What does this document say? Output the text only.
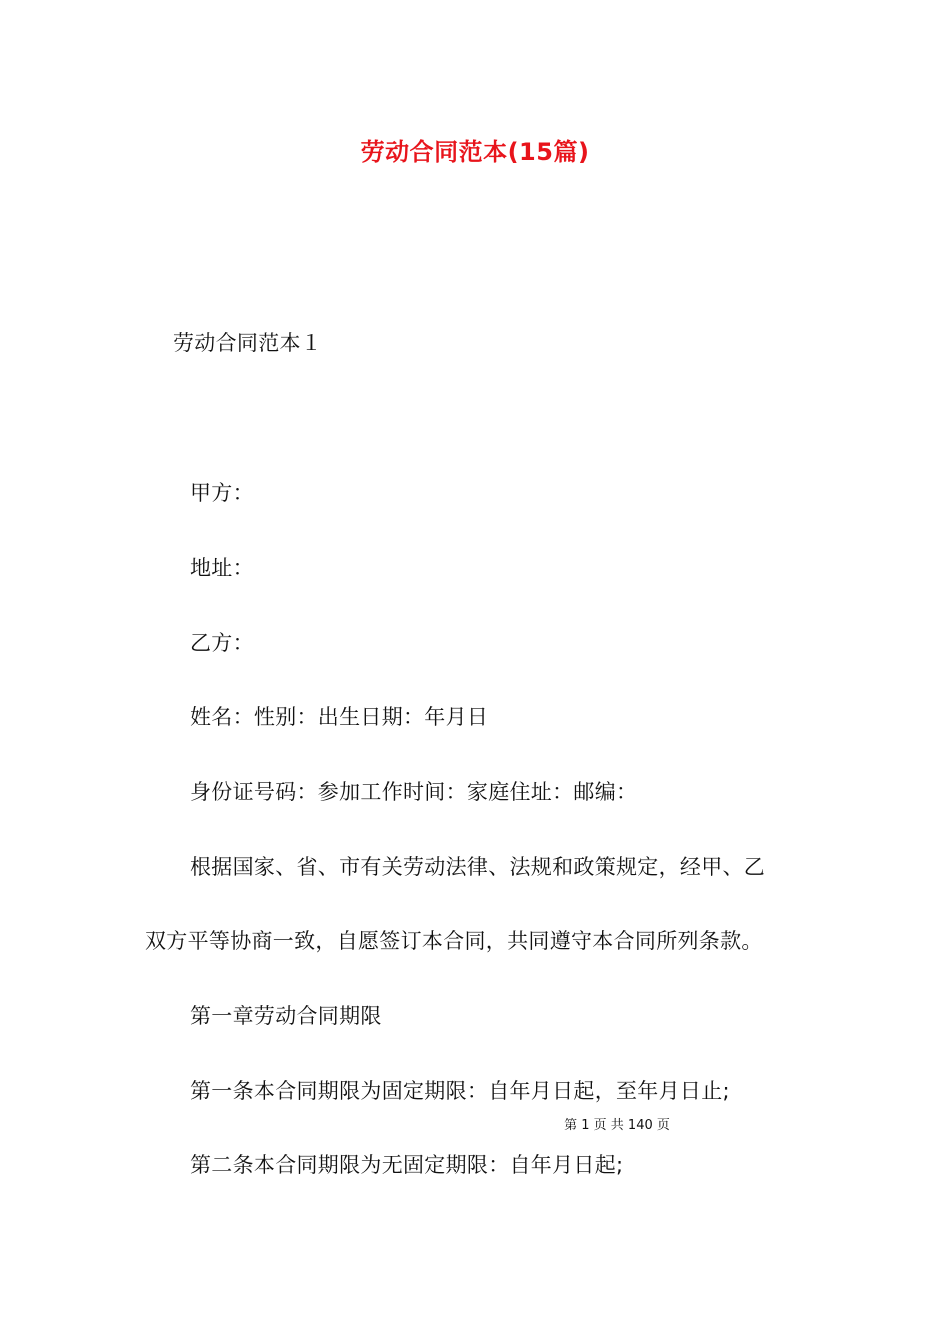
劳动合同范本(15篇)
劳动合同范本１
甲方：
地址：
乙方：
姓名：性别：出生日期：年月日
身份证号码：参加工作时间：家庭住址：邮编：
根据国家、省、市有关劳动法律、法规和政策规定，经甲、乙
双方平等协商一致，自愿签订本合同，共同遵守本合同所列条款。
第一章劳动合同期限
第一条本合同期限为固定期限：自年月日起，至年月日止;
第 1 页 共 140 页
第二条本合同期限为无固定期限：自年月日起;
